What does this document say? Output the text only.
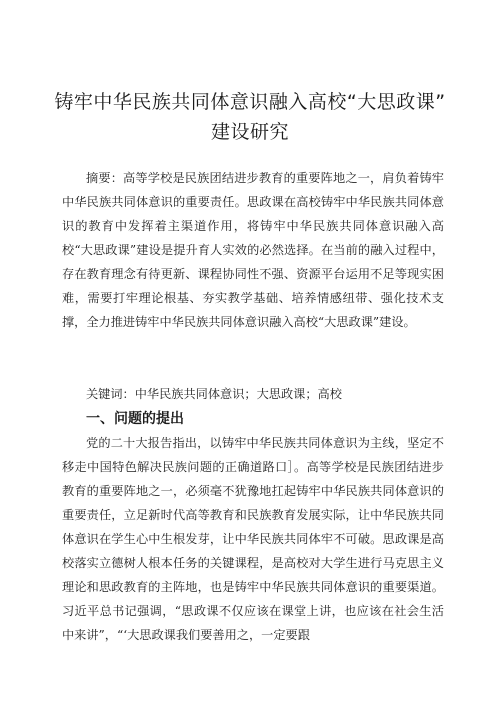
铸牢中华民族共同体意识融入高校“大思政课”
建设研究

摘要：高等学校是民族团结进步教育的重要阵地之一，肩负着铸牢中华民族共同体意识的重要责任。思政课在高校铸牢中华民族共同体意识的教育中发挥着主渠道作用，将铸牢中华民族共同体意识融入高校“大思政课”建设是提升育人实效的必然选择。在当前的融入过程中，存在教育理念有待更新、课程协同性不强、资源平台运用不足等现实困难，需要打牢理论根基、夯实教学基础、培养情感纽带、强化技术支撑，全力推进铸牢中华民族共同体意识融入高校“大思政课”建设。

关键词：中华民族共同体意识；大思政课；高校

一、问题的提出

党的二十大报告指出，以铸牢中华民族共同体意识为主线，坚定不移走中国特色解决民族问题的正确道路口］。高等学校是民族团结进步教育的重要阵地之一，必须毫不犹豫地扛起铸牢中华民族共同体意识的重要责任，立足新时代高等教育和民族教育发展实际，让中华民族共同体意识在学生心中生根发芽，让中华民族共同体牢不可破。思政课是高校落实立德树人根本任务的关键课程，是高校对大学生进行马克思主义理论和思政教育的主阵地，也是铸牢中华民族共同体意识的重要渠道。习近平总书记强调，“思政课不仅应该在课堂上讲，也应该在社会生活中来讲”，“‘大思政课我们要善用之，一定要跟
